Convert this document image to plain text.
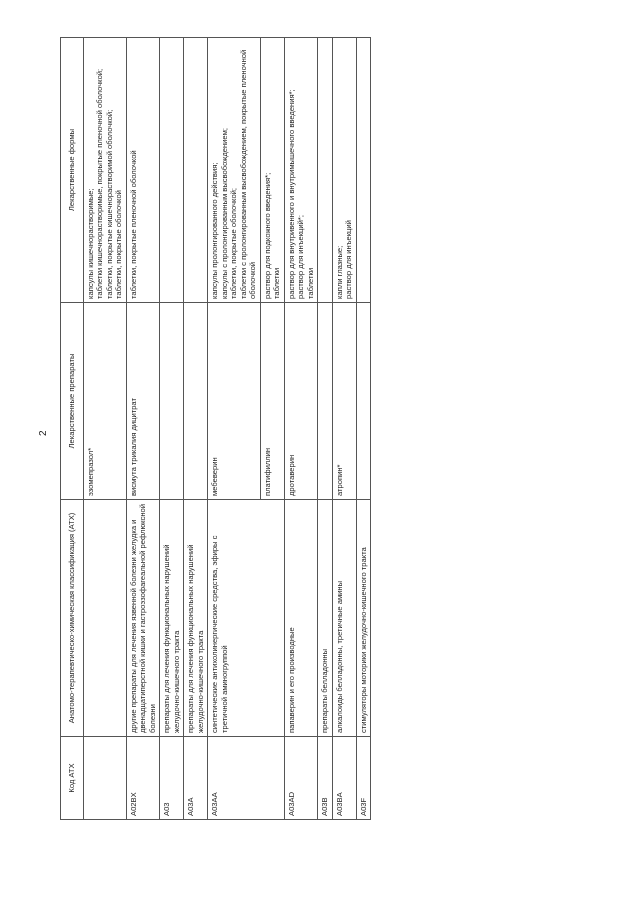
2
Код АТХ	Анатомо-терапевтическо-химическая классификация (АТХ)	Лекарственные препараты	Лекарственные формы
		эзомепразол*	капсулы кишечнорастворимые; таблетки кишечнорастворимые, покрытые пленочной оболочкой; таблетки, покрытые кишечнорастворимой оболочкой; таблетки, покрытые оболочкой

A02BX	другие препараты для лечения язвенной болезни желудка и двенадцатиперстной кишки и гастроэзофагеальной рефлюксной болезни	висмута трикалия дицитрат	таблетки, покрытые пленочной оболочкой

A03	препараты для лечения функциональных нарушений желудочно-кишечного тракта		
A03A	препараты для лечения функциональных нарушений желудочно-кишечного тракта		
A03AA	синтетические антихолинергические средства, эфиры с третичной аминогруппой	мебеверин	капсулы пролонгированного действия; капсулы с пролонгированным высвобождением; таблетки, покрытые оболочкой; таблетки с пролонгированным высвобождением, покрытые пленочной оболочкой

		платифиллин	раствор для подкожного введения*; таблетки

A03AD	папаверин и его производные	дротаверин	раствор для внутривенного и внутримышечного введения*; раствор для инъекций*; таблетки

A03B	препараты белладонны		
A03BA	алкалоиды белладонны, третичные амины	атропин*	капли глазные; раствор для инъекций

A03F	стимуляторы моторики желудочно-кишечного тракта		
